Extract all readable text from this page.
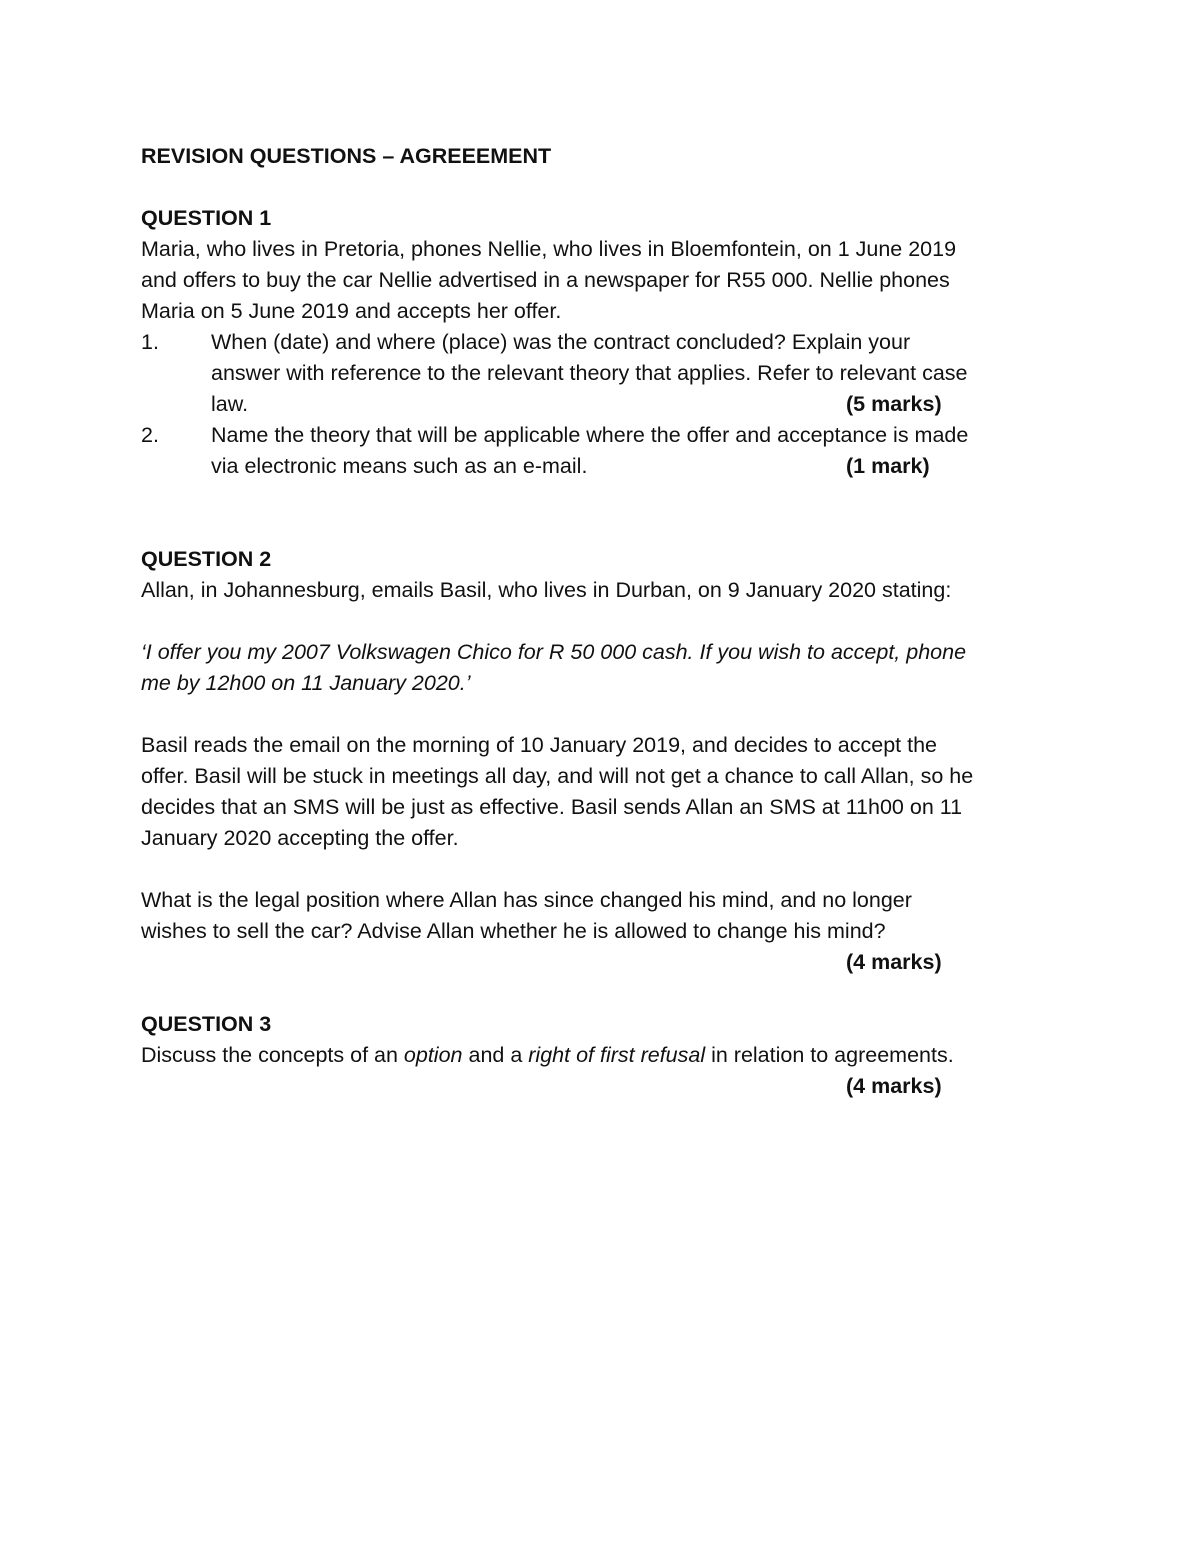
REVISION QUESTIONS – AGREEEMENT

QUESTION 1

Maria, who lives in Pretoria, phones Nellie, who lives in Bloemfontein, on 1 June 2019

and offers to buy the car Nellie advertised in a newspaper for R55 000. Nellie phones

Maria on 5 June 2019 and accepts her offer.

1. When (date) and where (place) was the contract concluded? Explain your

answer with reference to the relevant theory that applies. Refer to relevant case

law.	(5 marks)

2. Name the theory that will be applicable where the offer and acceptance is made

via electronic means such as an e-mail.	(1 mark)

QUESTION 2

Allan, in Johannesburg, emails Basil, who lives in Durban, on 9 January 2020 stating:

‘I offer you my 2007 Volkswagen Chico for R 50 000 cash. If you wish to accept, phone

me by 12h00 on 11 January 2020.’

Basil reads the email on the morning of 10 January 2019, and decides to accept the

offer. Basil will be stuck in meetings all day, and will not get a chance to call Allan, so he

decides that an SMS will be just as effective. Basil sends Allan an SMS at 11h00 on 11

January 2020 accepting the offer.

What is the legal position where Allan has since changed his mind, and no longer

wishes to sell the car? Advise Allan whether he is allowed to change his mind?

(4 marks)

QUESTION 3

Discuss the concepts of an option and a right of first refusal in relation to agreements.

(4 marks)
